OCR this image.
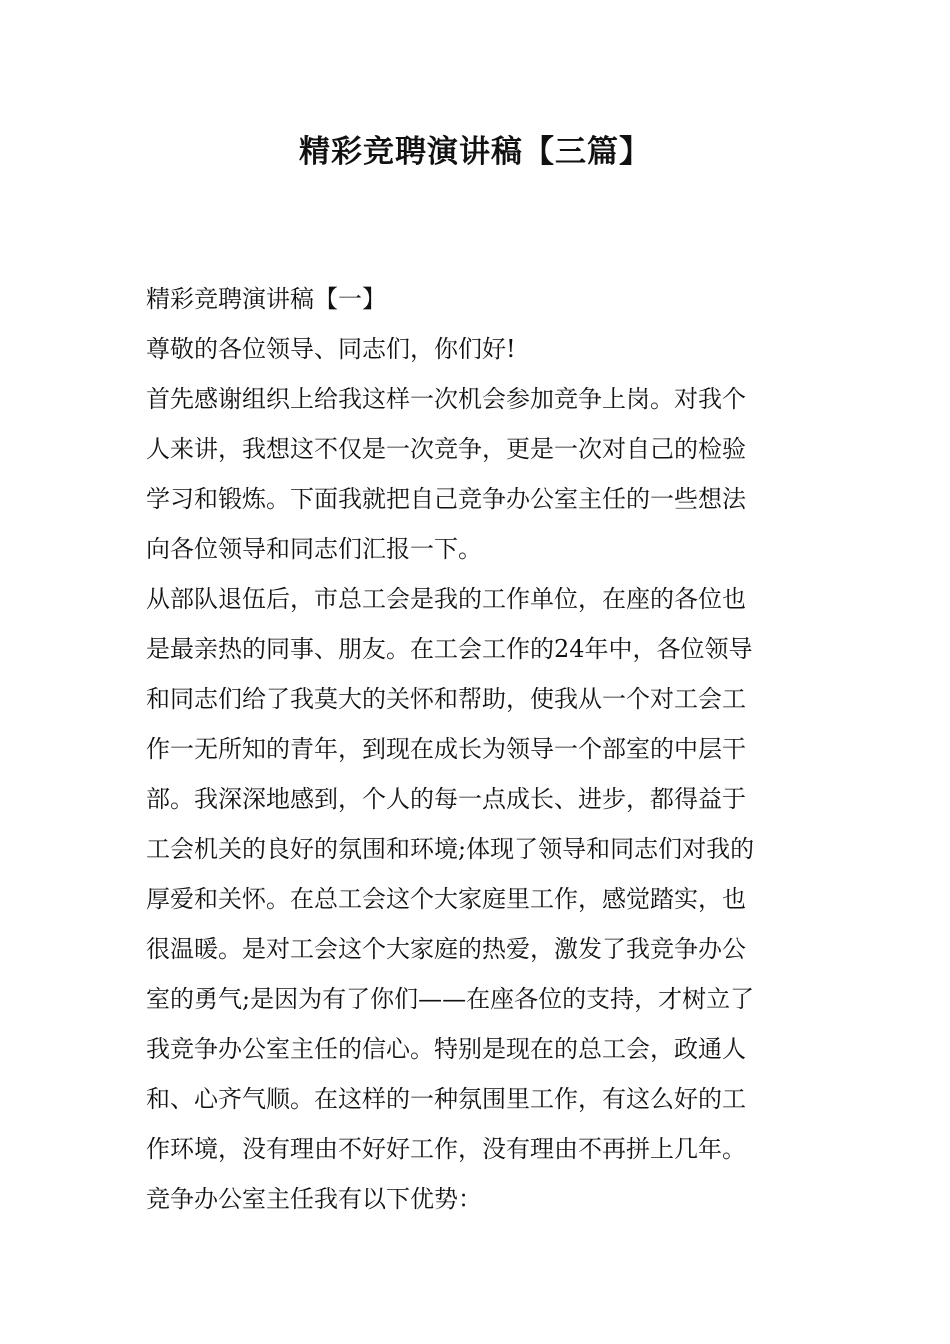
精彩竞聘演讲稿【三篇】
精彩竞聘演讲稿【一】
尊敬的各位领导、同志们，你们好!
首先感谢组织上给我这样一次机会参加竞争上岗。对我个
人来讲，我想这不仅是一次竞争，更是一次对自己的检验
学习和锻炼。下面我就把自己竞争办公室主任的一些想法
向各位领导和同志们汇报一下。
从部队退伍后，市总工会是我的工作单位，在座的各位也
是最亲热的同事、朋友。在工会工作的24年中，各位领导
和同志们给了我莫大的关怀和帮助，使我从一个对工会工
作一无所知的青年，到现在成长为领导一个部室的中层干
部。我深深地感到，个人的每一点成长、进步，都得益于
工会机关的良好的氛围和环境;体现了领导和同志们对我的
厚爱和关怀。在总工会这个大家庭里工作，感觉踏实，也
很温暖。是对工会这个大家庭的热爱，激发了我竞争办公
室的勇气;是因为有了你们——在座各位的支持，才树立了
我竞争办公室主任的信心。特别是现在的总工会，政通人
和、心齐气顺。在这样的一种氛围里工作，有这么好的工
作环境，没有理由不好好工作，没有理由不再拼上几年。
竞争办公室主任我有以下优势：
